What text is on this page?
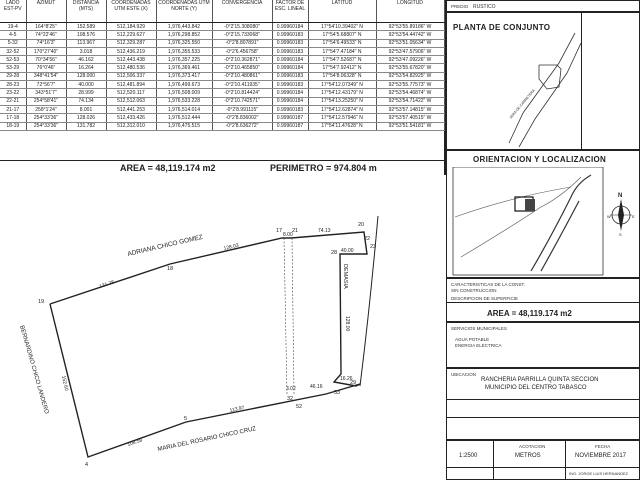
LADO EST-PV	AZIMUT	DISTANCIA (MTS)	COORDENADAS UTM ESTE (X)	COORDENADAS UTM NORTE (Y)	CONVERGENCIA	FACTOR DE ESC. LINEAL	LATITUD	LONGITUD
19-4	164°8'25"	152.589	512,184.929	1,976,443.842	-0°2'15.308080"	0.99960184	17°54'10.39402" N	92°53'55.89186" W
4-5	74°22'46"	108.576	512,229.627	1,976,298.852	-0°2'15.733068"	0.99960183	17°54'5.68807" N	92°53'54.44742" W
5-32	74°16'3"	113.967	512,329.287	1,976,325.550	-0°2'8.807891"	0.99960183	17°54'6.49533" N	92°53'51.05634" W
32-52	170°27'40"	3.018	512,436.219	1,976,355.533	-0°2'6.456758"	0.99960183	17°54'7.47184" N	92°53'47.57906" W
52-53	70°34'56"	46.162	512,443.438	1,976,357.225	-0°2'10.362871"	0.99960184	17°54'7.52687" N	92°53'47.09226" W
53-29	76°0'46"	16.264	512,480.536	1,976,369.461	-0°2'10.465850"	0.99960184	17°54'7.92412" N	92°53'55.67820" W
29-28	348°41'54"	128.000	512,506.337	1,976,373.417	-0°2'10.480861"	0.99960183	17°54'8.06328" N	92°53'54.82925" W
28-23	72°56'7"	40.000	512,481.894	1,976,499.673	-0°2'10.411935"	0.99960183	17°54'12.07349" N	92°53'55.77573" W
23-22	343°51'7"	28.999	512,520.117	1,976,508.009	-0°2'10.814424"	0.99960184	17°54'12.43179" N	92°53'54.46874" W
22-21	254°58'41"	74.134	512,512.063	1,976,533.228	-0°2'10.742571"	0.99960184	17°54'13.25250" N	92°53'54.71422" W
21-17	258°1'24"	8.001	512,441.253	1,976,514.014	-0°2'8.991115"	0.99960183	17°54'12.62874" N	92°53'57.14815" W
17-18	254°33'36"	128.026	512,433.426	1,976,512.444	-0°2'8.836002"	0.99960187	17°54'12.57946" N	92°53'57.40515" W
18-19	254°33'36"	131.782	512,312.010	1,976,475.515	-0°2'8.636272"	0.99960187	17°54'11.47628" N	92°53'51.54181" W
AREA = 48,119.174 m2	PERIMETRO = 974.804 m
ADRIANA CHICO GOMEZ
BERNARDINO CHICO LANDERO
MARIA DEL ROSARIO CHICO CRUZ
DEMASIA
19
18
17 21
20
22
23
28
29
53
52
32
5
4
131.78
128.03
8.00
74.13
40.00
128.00
16.26
46.16
3.02
113.97
108.58
152.60
PREDIO RUSTICO
PLANTA DE CONJUNTO
1ERA DE CARRETERA
ORIENTACION Y LOCALIZACION
N
W	E
S
CARACTERISTICAS DE LA CONST.
SIN CONSTRUCCION
DESCRIPCION DE SUPERFICIE
AREA = 48,119.174 m2
SERVICIOS MUNICIPALES
AGUA POTABLE
ENERGIA ELECTRICA
UBICACION
RANCHERIA PARRILLA QUINTA SECCION
MUNICIPIO DEL CENTRO TABASCO
1:2500
ACOTACION
METROS
FECHA
NOVIEMBRE 2017
ING. JORGE LUIS HERNANDEZ
